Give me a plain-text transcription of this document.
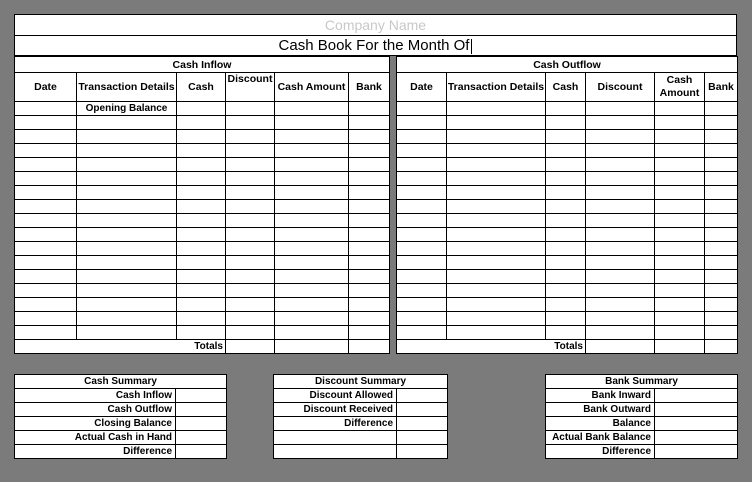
Company Name
Cash Book For the Month Of
Cash Inflow					
Date	Transaction Details	Cash	Discount	Cash Amount	Bank
	Opening Balance				

Totals					
Cash Outflow					
Date	Transaction Details	Cash	Discount	Cash Amount	Bank

Totals					
Cash Summary	
Cash Inflow	
Cash Outflow	
Closing Balance	
Actual Cash in Hand	
Difference	
Discount Summary	
Discount Allowed	
Discount Received	
Difference	

Bank Summary	
Bank Inward	
Bank Outward	
Balance	
Actual Bank Balance	
Difference	
